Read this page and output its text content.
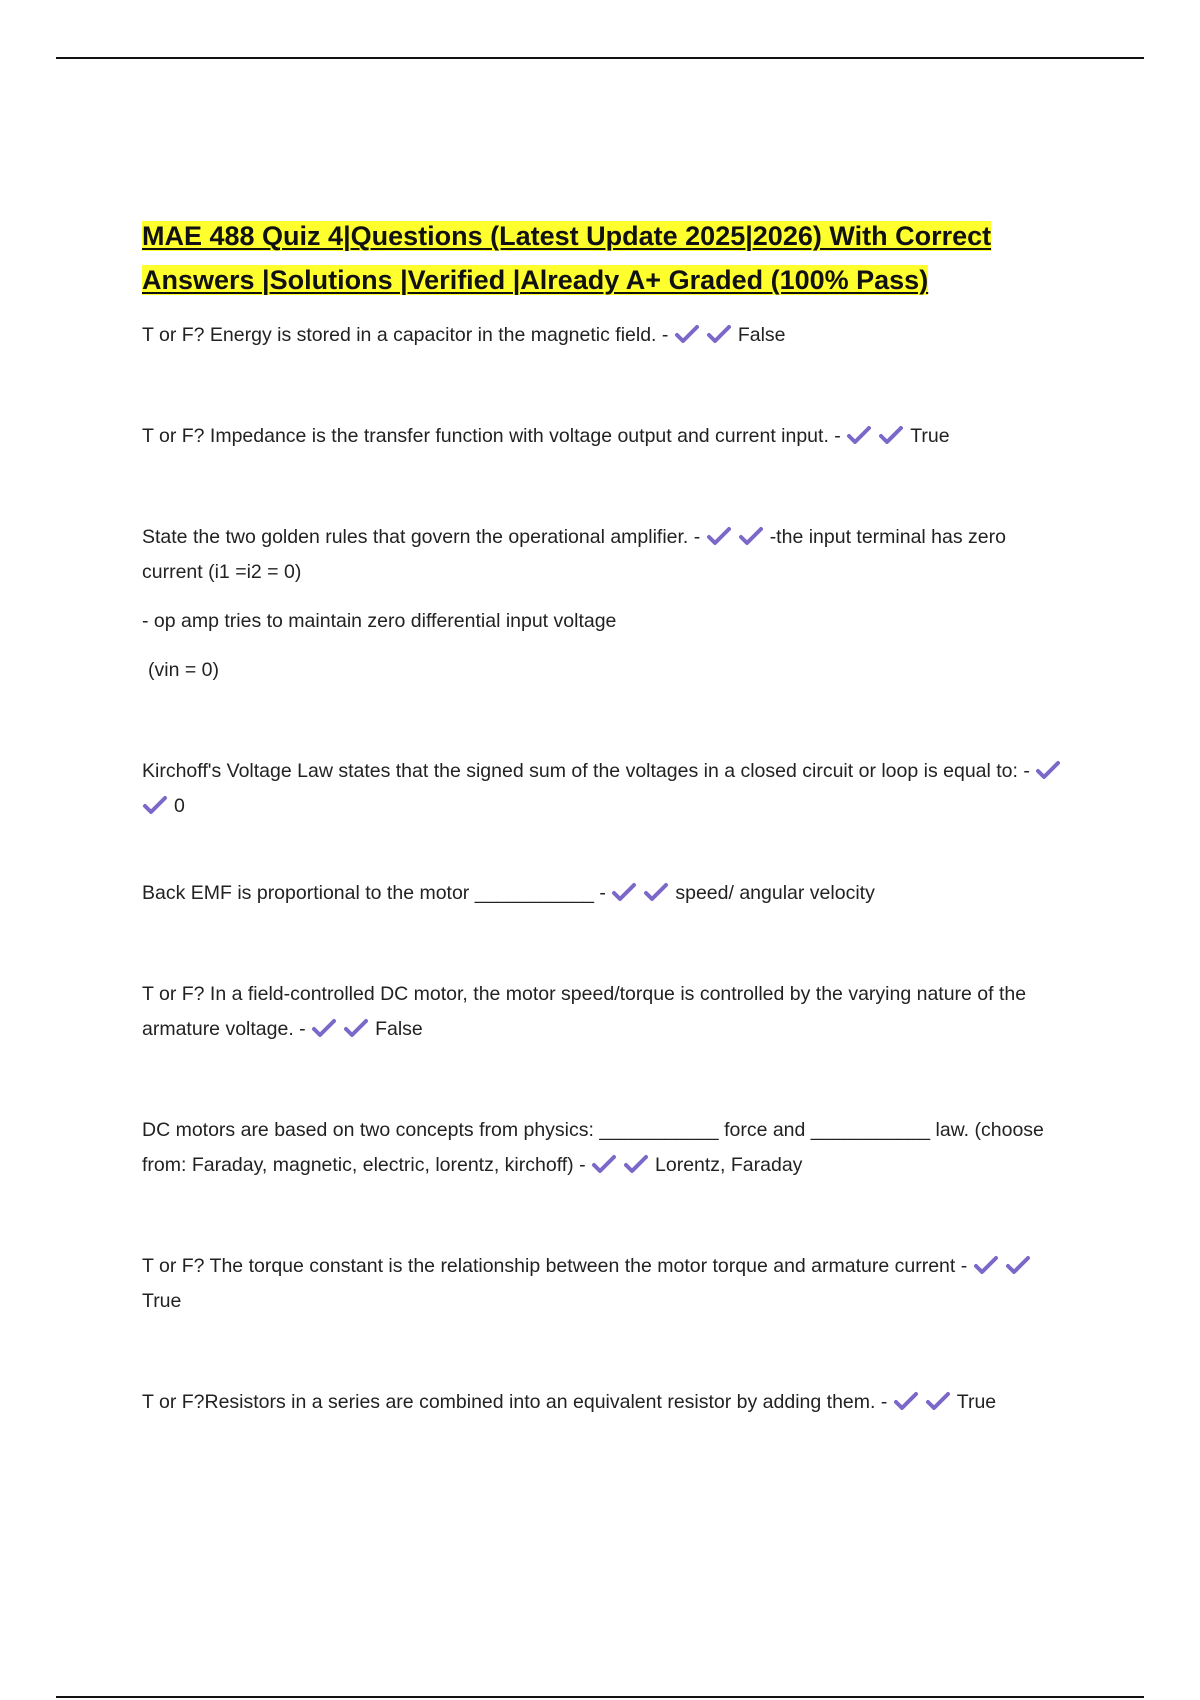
MAE 488 Quiz 4|Questions (Latest Update 2025|2026) With Correct Answers |Solutions |Verified |Already A+ Graded (100% Pass)

T or F? Energy is stored in a capacitor in the magnetic field. -	False

T or F? Impedance is the transfer function with voltage output and current input. -	True

State the two golden rules that govern the operational amplifier. -	-the input terminal has zero current (i1 =i2 = 0)

- op amp tries to maintain zero differential input voltage

(vin = 0)

Kirchoff's Voltage Law states that the signed sum of the voltages in a closed circuit or loop is equal to: -
0

Back EMF is proportional to the motor ___________ -	speed/ angular velocity

T or F? In a field-controlled DC motor, the motor speed/torque is controlled by the varying nature of the armature voltage. -	False

DC motors are based on two concepts from physics: ___________ force and ___________ law. (choose from: Faraday, magnetic, electric, lorentz, kirchoff) -	Lorentz, Faraday

T or F? The torque constant is the relationship between the motor torque and armature current -
True

T or F?Resistors in a series are combined into an equivalent resistor by adding them. -	True
